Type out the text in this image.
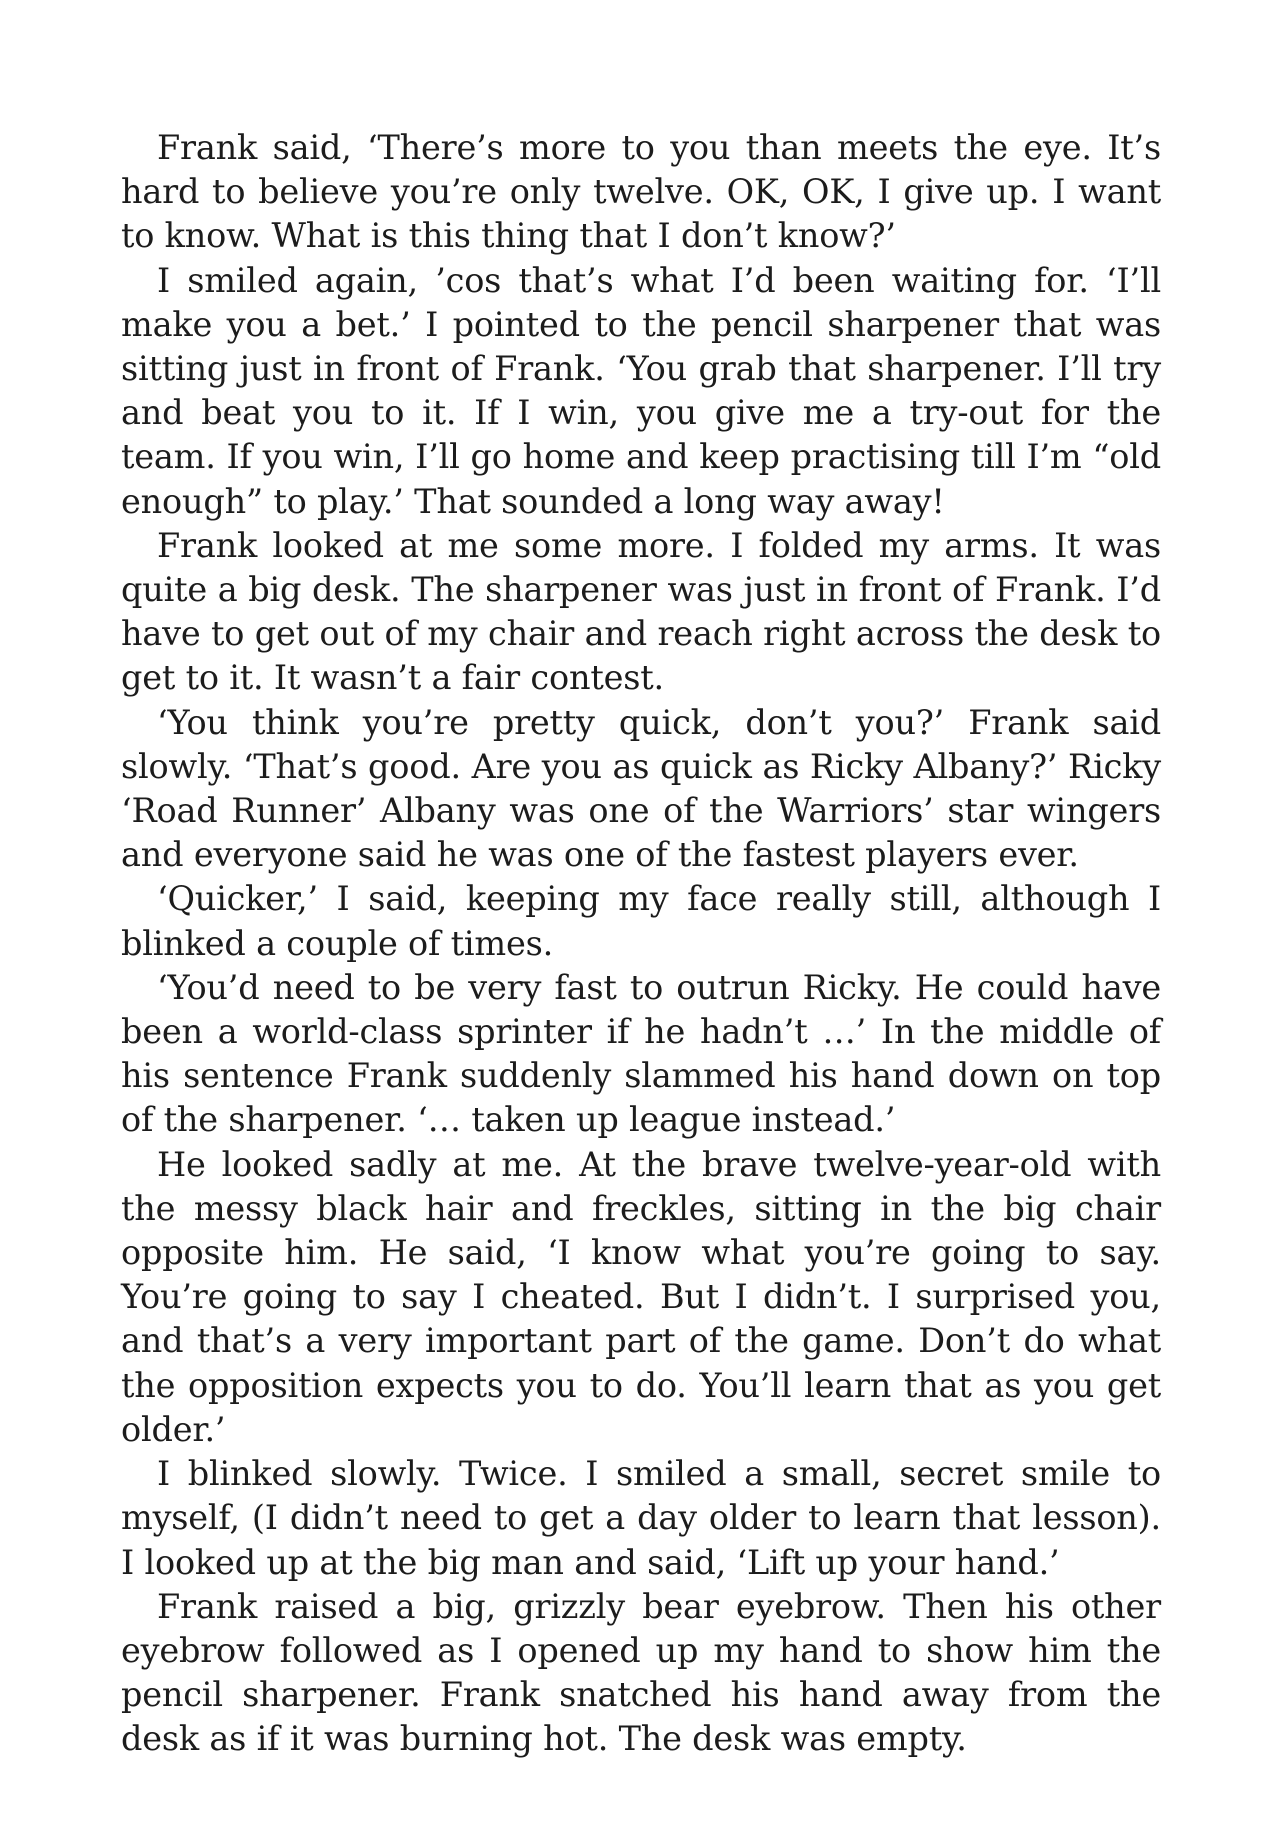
Frank said, ‘There’s more to you than meets the eye. It’s hard to believe you’re only twelve. OK, OK, I give up. I want to know. What is this thing that I don’t know?’

I smiled again, ’cos that’s what I’d been waiting for. ‘I’ll make you a bet.’ I pointed to the pencil sharpener that was sitting just in front of Frank. ‘You grab that sharpener. I’ll try and beat you to it. If I win, you give me a try-out for the team. If you win, I’ll go home and keep practising till I’m “old enough” to play.’ That sounded a long way away!

Frank looked at me some more. I folded my arms. It was quite a big desk. The sharpener was just in front of Frank. I’d have to get out of my chair and reach right across the desk to get to it. It wasn’t a fair contest.

‘You think you’re pretty quick, don’t you?’ Frank said slowly. ‘That’s good. Are you as quick as Ricky Albany?’ Ricky ‘Road Runner’ Albany was one of the Warriors’ star wingers and everyone said he was one of the fastest players ever.

‘Quicker,’ I said, keeping my face really still, although I blinked a couple of times.

‘You’d need to be very fast to outrun Ricky. He could have been a world-class sprinter if he hadn’t …’ In the middle of his sentence Frank suddenly slammed his hand down on top of the sharpener. ‘… taken up league instead.’

He looked sadly at me. At the brave twelve-year-old with the messy black hair and freckles, sitting in the big chair opposite him. He said, ‘I know what you’re going to say. You’re going to say I cheated. But I didn’t. I surprised you, and that’s a very important part of the game. Don’t do what the opposition expects you to do. You’ll learn that as you get older.’

I blinked slowly. Twice. I smiled a small, secret smile to myself, (I didn’t need to get a day older to learn that lesson). I looked up at the big man and said, ‘Lift up your hand.’

Frank raised a big, grizzly bear eyebrow. Then his other eyebrow followed as I opened up my hand to show him the pencil sharpener. Frank snatched his hand away from the desk as if it was burning hot. The desk was empty.
